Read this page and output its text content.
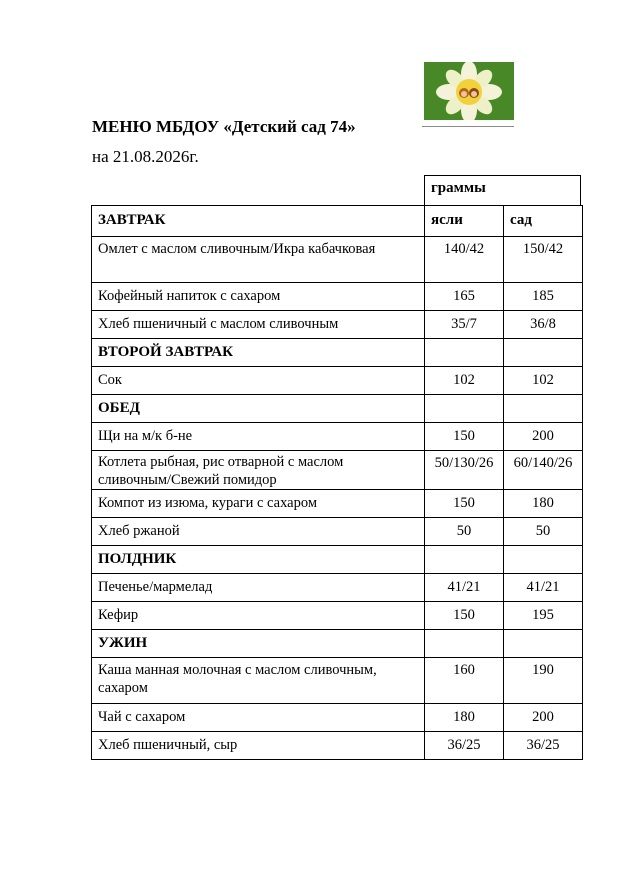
МЕНЮ МБДОУ «Детский сад 74»
на 21.08.2026г.
граммы
ЗАВТРАК	ясли	сад
Омлет с маслом сливочным/Икра кабачковая	140/42	150/42
Кофейный напиток с сахаром	165	185
Хлеб пшеничный с маслом сливочным	35/7	36/8
ВТОРОЙ ЗАВТРАК		
Сок	102	102
ОБЕД		
Щи на м/к б-не	150	200
Котлета рыбная, рис отварной с маслом сливочным/Свежий помидор	50/130/26	60/140/26
Компот из изюма, кураги с сахаром	150	180
Хлеб ржаной	50	50
ПОЛДНИК		
Печенье/мармелад	41/21	41/21
Кефир	150	195
УЖИН		
Каша манная молочная с маслом сливочным, сахаром	160	190
Чай с сахаром	180	200
Хлеб пшеничный, сыр	36/25	36/25
